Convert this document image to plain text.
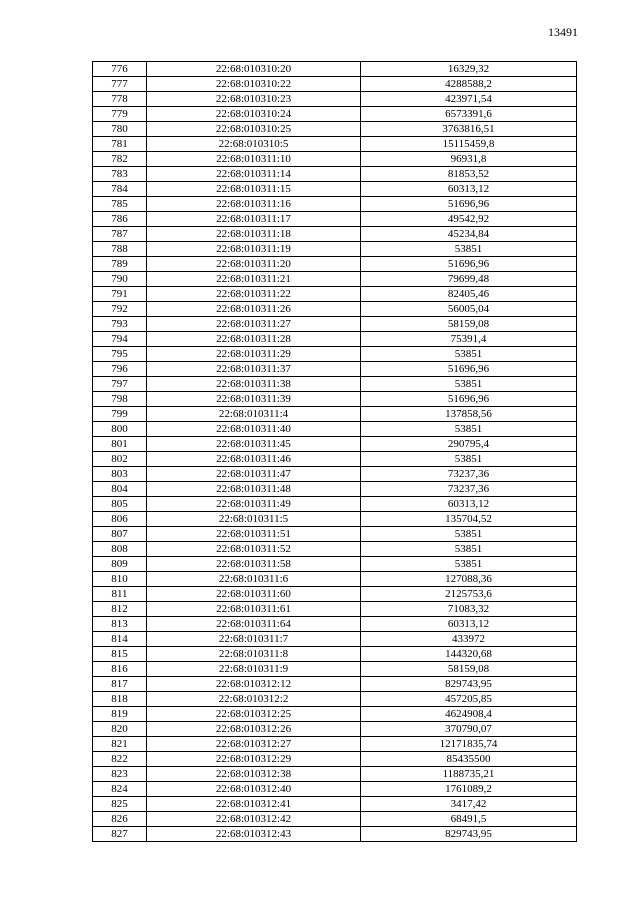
13491
776	22:68:010310:20	16329,32
777	22:68:010310:22	4288588,2
778	22:68:010310:23	423971,54
779	22:68:010310:24	6573391,6
780	22:68:010310:25	3763816,51
781	22:68:010310:5	15115459,8
782	22:68:010311:10	96931,8
783	22:68:010311:14	81853,52
784	22:68:010311:15	60313,12
785	22:68:010311:16	51696,96
786	22:68:010311:17	49542,92
787	22:68:010311:18	45234,84
788	22:68:010311:19	53851
789	22:68:010311:20	51696,96
790	22:68:010311:21	79699,48
791	22:68:010311:22	82405,46
792	22:68:010311:26	56005,04
793	22:68:010311:27	58159,08
794	22:68:010311:28	75391,4
795	22:68:010311:29	53851
796	22:68:010311:37	51696,96
797	22:68:010311:38	53851
798	22:68:010311:39	51696,96
799	22:68:010311:4	137858,56
800	22:68:010311:40	53851
801	22:68:010311:45	290795,4
802	22:68:010311:46	53851
803	22:68:010311:47	73237,36
804	22:68:010311:48	73237,36
805	22:68:010311:49	60313,12
806	22:68:010311:5	135704,52
807	22:68:010311:51	53851
808	22:68:010311:52	53851
809	22:68:010311:58	53851
810	22:68:010311:6	127088,36
811	22:68:010311:60	2125753,6
812	22:68:010311:61	71083,32
813	22:68:010311:64	60313,12
814	22:68:010311:7	433972
815	22:68:010311:8	144320,68
816	22:68:010311:9	58159,08
817	22:68:010312:12	829743,95
818	22:68:010312:2	457205,85
819	22:68:010312:25	4624908,4
820	22:68:010312:26	370790,07
821	22:68:010312:27	12171835,74
822	22:68:010312:29	85435500
823	22:68:010312:38	1188735,21
824	22:68:010312:40	1761089,2
825	22:68:010312:41	3417,42
826	22:68:010312:42	68491,5
827	22:68:010312:43	829743,95
